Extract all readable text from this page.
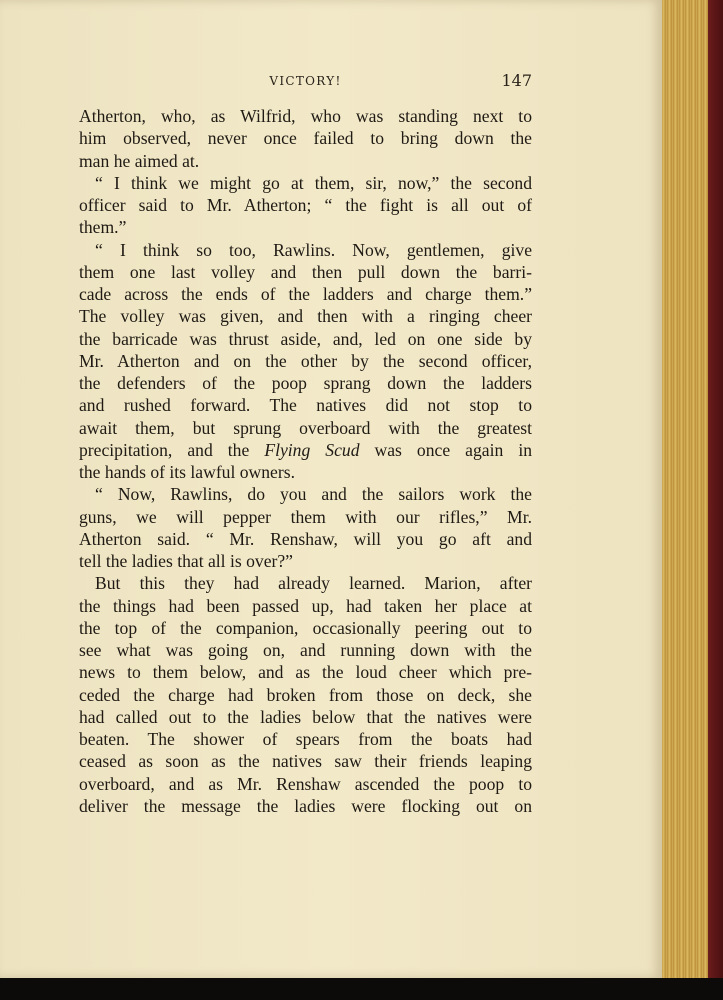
VICTORY!	147
Atherton, who, as Wilfrid, who was standing next to
him observed, never once failed to bring down the
man he aimed at.
“ I think we might go at them, sir, now,” the second
officer said to Mr. Atherton; “ the fight is all out of
them.”
“ I think so too, Rawlins. Now, gentlemen, give
them one last volley and then pull down the barri-
cade across the ends of the ladders and charge them.”
The volley was given, and then with a ringing cheer
the barricade was thrust aside, and, led on one side by
Mr. Atherton and on the other by the second officer,
the defenders of the poop sprang down the ladders
and rushed forward. The natives did not stop to
await them, but sprung overboard with the greatest
precipitation, and the Flying Scud was once again in
the hands of its lawful owners.
“ Now, Rawlins, do you and the sailors work the
guns, we will pepper them with our rifles,” Mr.
Atherton said. “ Mr. Renshaw, will you go aft and
tell the ladies that all is over?”
But this they had already learned. Marion, after
the things had been passed up, had taken her place at
the top of the companion, occasionally peering out to
see what was going on, and running down with the
news to them below, and as the loud cheer which pre-
ceded the charge had broken from those on deck, she
had called out to the ladies below that the natives were
beaten. The shower of spears from the boats had
ceased as soon as the natives saw their friends leaping
overboard, and as Mr. Renshaw ascended the poop to
deliver the message the ladies were flocking out on
